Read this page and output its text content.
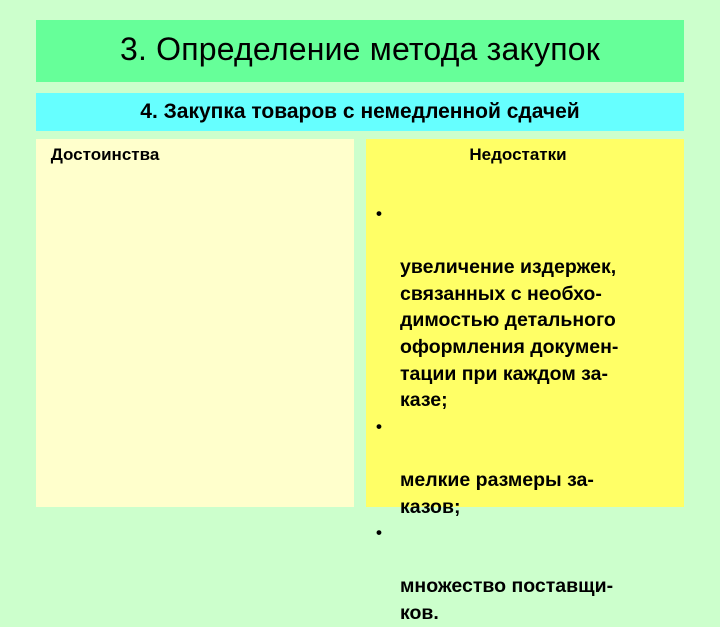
3. Определение метода закупок
4. Закупка товаров с немедленной сдачей
Достоинства	Недостатки

•

увеличение издержек,
связанных с необхо-
димостью детального
оформления докумен-
тации при каждом за-
казе;

•

мелкие размеры за-
казов;

•

множество поставщи-
ков.
